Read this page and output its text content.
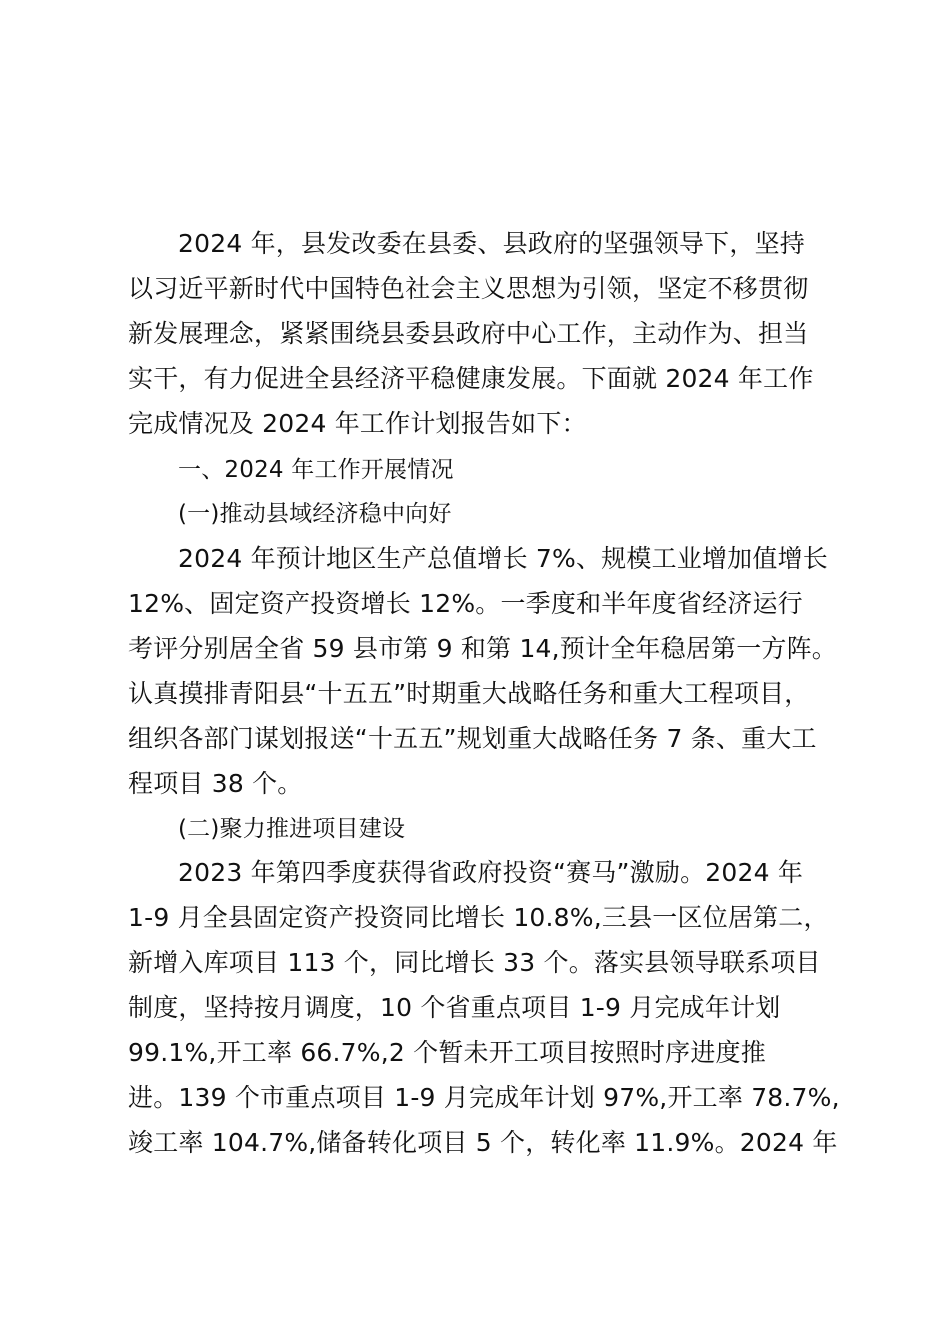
2024 年，县发改委在县委、县政府的坚强领导下，坚持
以习近平新时代中国特色社会主义思想为引领，坚定不移贯彻
新发展理念，紧紧围绕县委县政府中心工作，主动作为、担当
实干，有力促进全县经济平稳健康发展。下面就 2024 年工作
完成情况及 2024 年工作计划报告如下：
一、2024 年工作开展情况
(一)推动县域经济稳中向好
2024 年预计地区生产总值增长 7%、规模工业增加值增长
12%、固定资产投资增长 12%。一季度和半年度省经济运行
考评分别居全省 59 县市第 9 和第 14,预计全年稳居第一方阵。
认真摸排青阳县“十五五”时期重大战略任务和重大工程项目，
组织各部门谋划报送“十五五”规划重大战略任务 7 条、重大工
程项目 38 个。
(二)聚力推进项目建设
2023 年第四季度获得省政府投资“赛马”激励。2024 年
1-9 月全县固定资产投资同比增长 10.8%,三县一区位居第二，
新增入库项目 113 个，同比增长 33 个。落实县领导联系项目
制度，坚持按月调度，10 个省重点项目 1-9 月完成年计划
99.1%,开工率 66.7%,2 个暂未开工项目按照时序进度推
进。139 个市重点项目 1-9 月完成年计划 97%,开工率 78.7%,
竣工率 104.7%,储备转化项目 5 个，转化率 11.9%。2024 年
